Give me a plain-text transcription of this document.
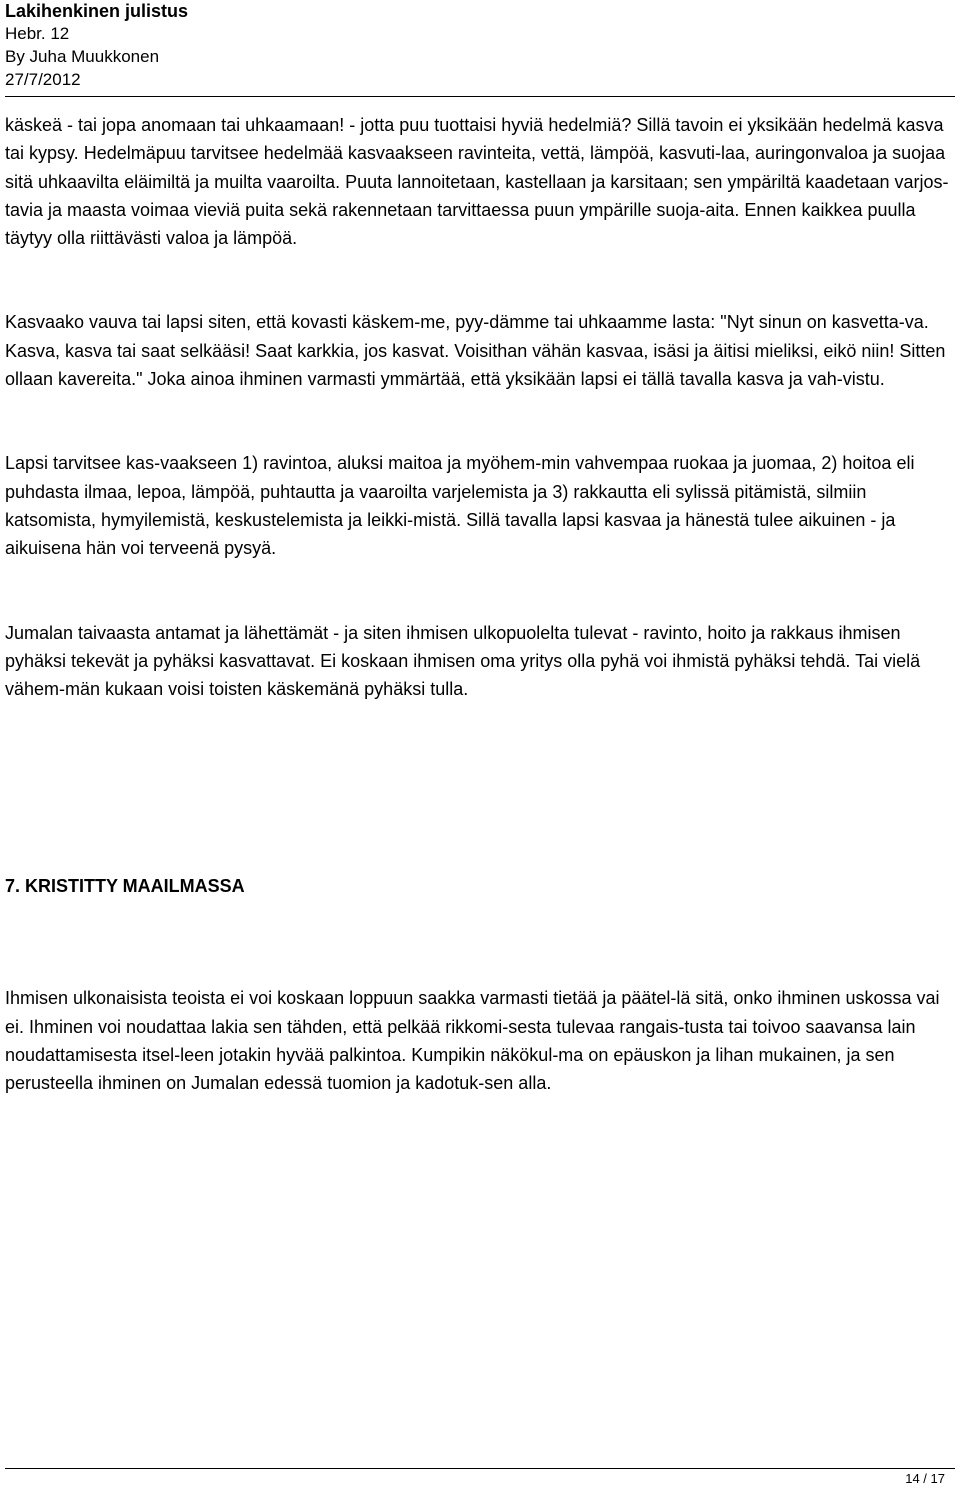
Lakihenkinen julistus
Hebr. 12
By Juha Muukkonen
27/7/2012

käskeä - tai jopa anomaan tai uhkaamaan! - jotta puu tuottaisi hyviä hedelmiä? Sillä tavoin ei yksikään hedelmä kasva tai kypsy. Hedelmäpuu tarvitsee hedelmää kasvaakseen ravinteita, vettä, lämpöä, kasvuti-laa, auringonvaloa ja suojaa sitä uhkaavilta eläimiltä ja muilta vaaroilta. Puuta lannoitetaan, kastellaan ja karsitaan; sen ympäriltä kaadetaan varjos-tavia ja maasta voimaa vieviä puita sekä rakennetaan tarvittaessa puun ympärille suoja-aita. Ennen kaikkea puulla täytyy olla riittävästi valoa ja lämpöä.

Kasvaako vauva tai lapsi siten, että kovasti käskem-me, pyy-dämme tai uhkaamme lasta: "Nyt sinun on kasvetta-va. Kasva, kasva tai saat selkääsi! Saat karkkia, jos kasvat. Voisithan vähän kasvaa, isäsi ja äitisi mieliksi, eikö niin! Sitten ollaan kavereita." Joka ainoa ihminen varmasti ymmärtää, että yksikään lapsi ei tällä tavalla kasva ja vah-vistu.

Lapsi tarvitsee kas-vaakseen 1) ravintoa, aluksi maitoa ja myöhem-min vahvempaa ruokaa ja juomaa, 2) hoitoa eli puhdasta ilmaa, lepoa, lämpöä, puhtautta ja vaaroilta varjelemista ja 3) rakkautta eli sylissä pitämistä, silmiin katsomista, hymyilemistä, keskustelemista ja leikki-mistä. Sillä tavalla lapsi kasvaa ja hänestä tulee aikuinen - ja aikuisena hän voi terveenä pysyä.

Jumalan taivaasta antamat ja lähettämät - ja siten ihmisen ulkopuolelta tulevat - ravinto, hoito ja rakkaus ihmisen pyhäksi tekevät ja pyhäksi kasvattavat. Ei koskaan ihmisen oma yritys olla pyhä voi ihmistä pyhäksi tehdä. Tai vielä vähem-män kukaan voisi toisten käskemänä pyhäksi tulla.

7. KRISTITTY MAAILMASSA

Ihmisen ulkonaisista teoista ei voi koskaan loppuun saakka varmasti tietää ja päätel-lä sitä, onko ihminen uskossa vai ei. Ihminen voi noudattaa lakia sen tähden, että pelkää rikkomi-sesta tulevaa rangais-tusta tai toivoo saavansa lain noudattamisesta itsel-leen jotakin hyvää palkintoa. Kumpikin näkökul-ma on epäuskon ja lihan mukainen, ja sen perusteella ihminen on Jumalan edessä tuomion ja kadotuk-sen alla.

14 / 17
